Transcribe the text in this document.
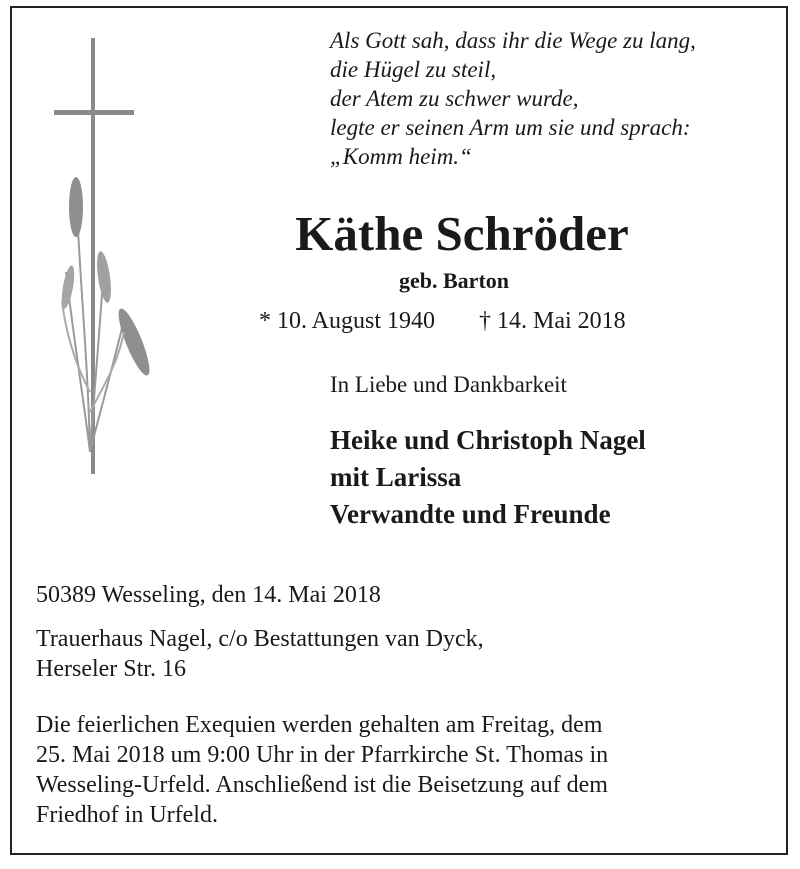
Als Gott sah, dass ihr die Wege zu lang,
die Hügel zu steil,
der Atem zu schwer wurde,
legte er seinen Arm um sie und sprach:
„Komm heim.“
Käthe Schröder
geb. Barton
* 10. August 1940 † 14. Mai 2018
In Liebe und Dankbarkeit
Heike und Christoph Nagel
mit Larissa
Verwandte und Freunde
50389 Wesseling, den 14. Mai 2018
Trauerhaus Nagel, c/o Bestattungen van Dyck,
Herseler Str. 16
Die feierlichen Exequien werden gehalten am Freitag, dem
25. Mai 2018 um 9:00 Uhr in der Pfarrkirche St. Thomas in
Wesseling-Urfeld. Anschließend ist die Beisetzung auf dem
Friedhof in Urfeld.
